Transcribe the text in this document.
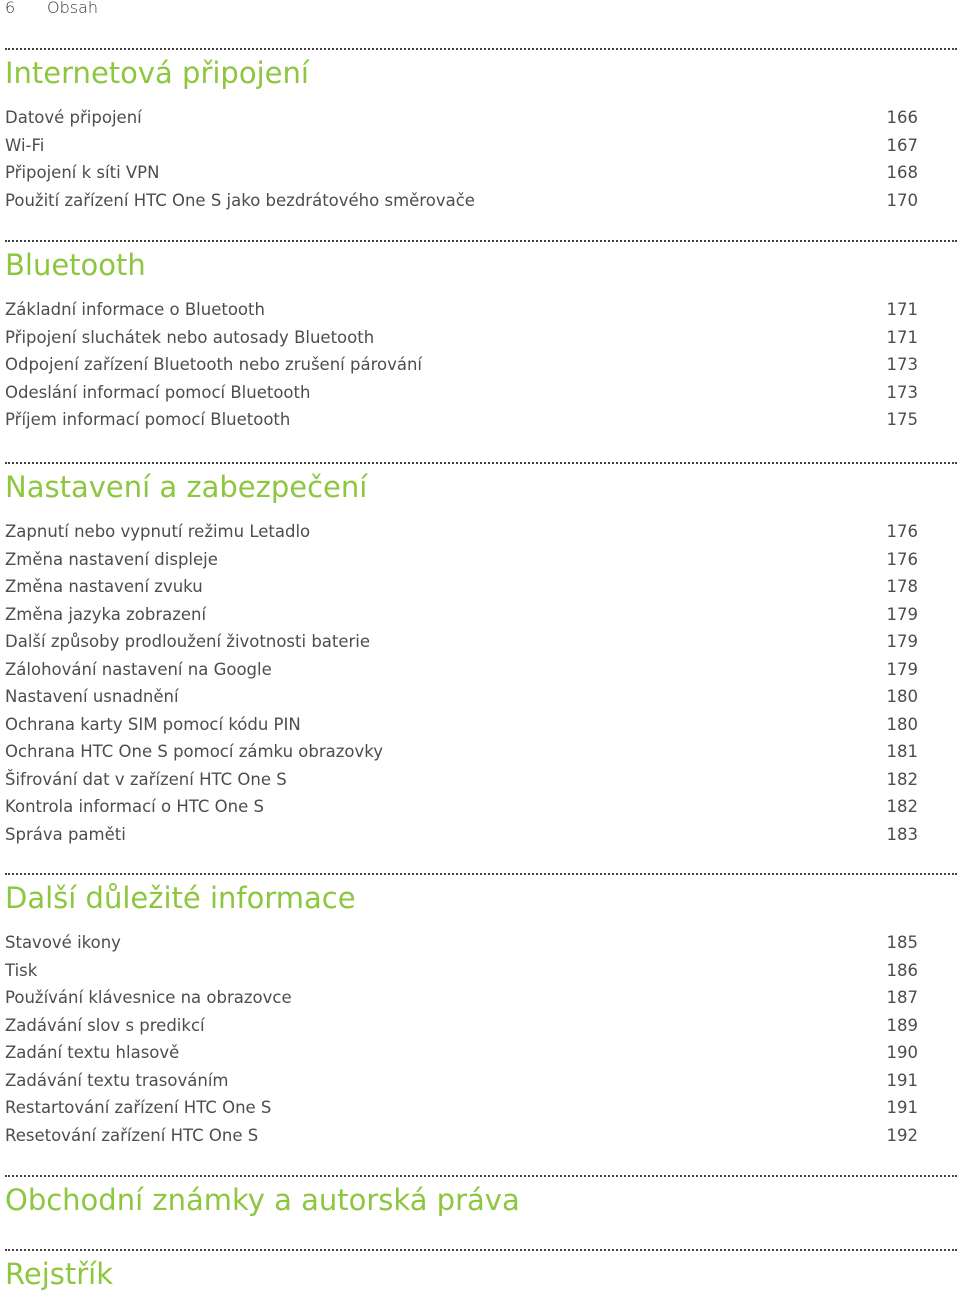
6 Obsah
Internetová připojení
Datové připojení	166
Wi-Fi	167
Připojení k síti VPN	168
Použití zařízení HTC One S jako bezdrátového směrovače	170
Bluetooth
Základní informace o Bluetooth	171
Připojení sluchátek nebo autosady Bluetooth	171
Odpojení zařízení Bluetooth nebo zrušení párování	173
Odeslání informací pomocí Bluetooth	173
Příjem informací pomocí Bluetooth	175
Nastavení a zabezpečení
Zapnutí nebo vypnutí režimu Letadlo	176
Změna nastavení displeje	176
Změna nastavení zvuku	178
Změna jazyka zobrazení	179
Další způsoby prodloužení životnosti baterie	179
Zálohování nastavení na Google	179
Nastavení usnadnění	180
Ochrana karty SIM pomocí kódu PIN	180
Ochrana HTC One S pomocí zámku obrazovky	181
Šifrování dat v zařízení HTC One S	182
Kontrola informací o HTC One S	182
Správa paměti	183
Další důležité informace
Stavové ikony	185
Tisk	186
Používání klávesnice na obrazovce	187
Zadávání slov s predikcí	189
Zadání textu hlasově	190
Zadávání textu trasováním	191
Restartování zařízení HTC One S	191
Resetování zařízení HTC One S	192
Obchodní známky a autorská práva
Rejstřík
